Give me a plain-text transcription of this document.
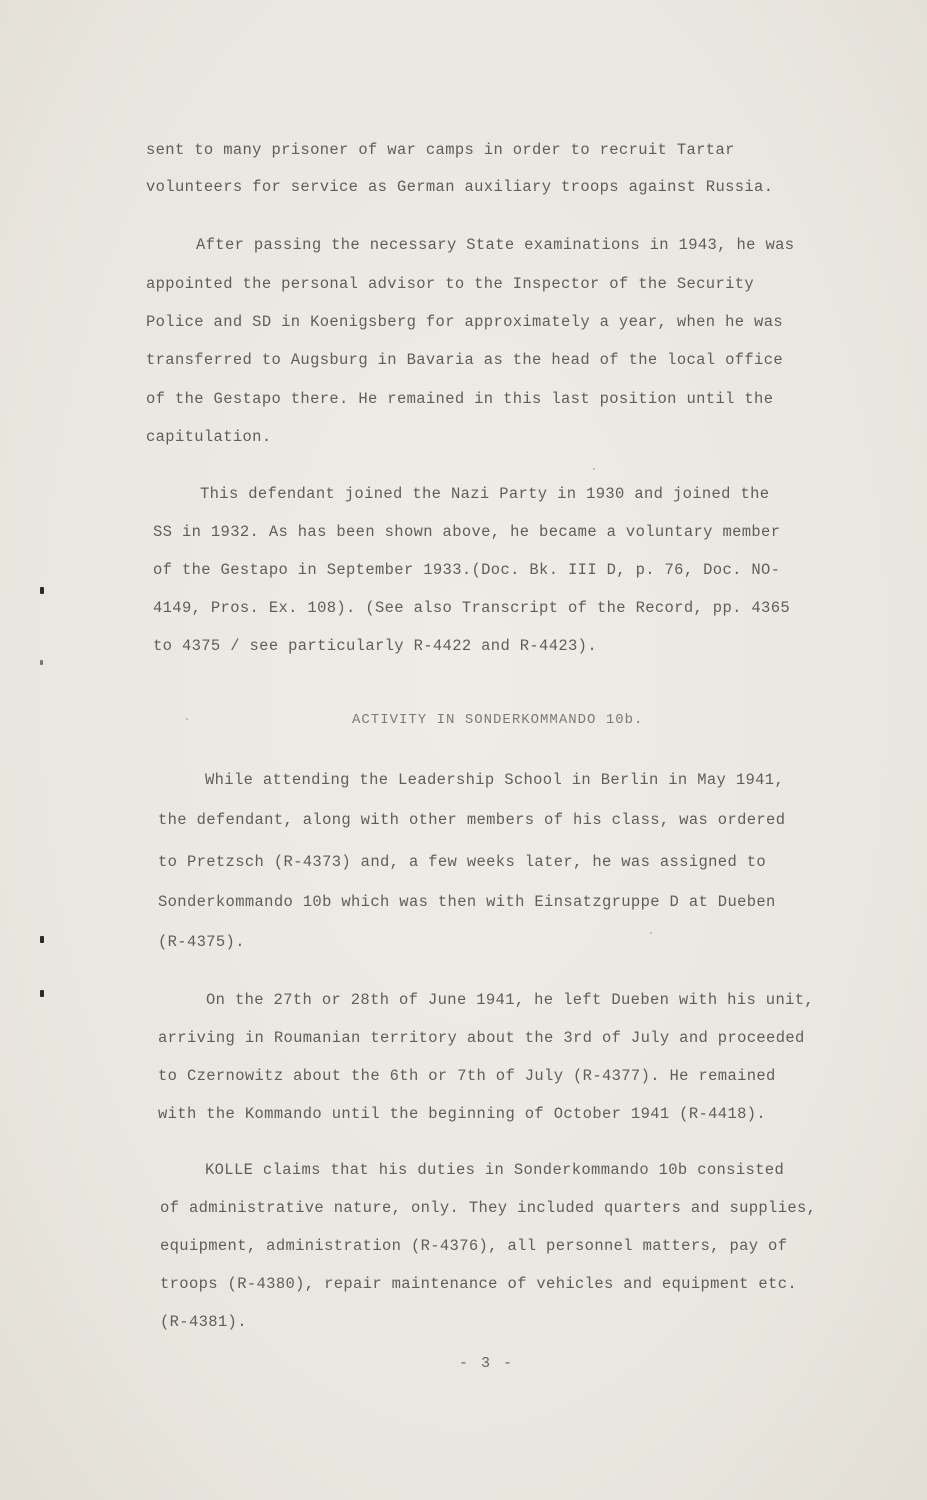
sent to many prisoner of war camps in order to recruit Tartar
volunteers for service as German auxiliary troops against Russia.
After passing the necessary State examinations in 1943, he was
appointed the personal advisor to the Inspector of the Security
Police and SD in Koenigsberg for approximately a year, when he was
transferred to Augsburg in Bavaria as the head of the local office
of the Gestapo there. He remained in this last position until the
capitulation.
This defendant joined the Nazi Party in 1930 and joined the
SS in 1932. As has been shown above, he became a voluntary member
of the Gestapo in September 1933.(Doc. Bk. III D, p. 76, Doc. NO-
4149, Pros. Ex. 108). (See also Transcript of the Record, pp. 4365
to 4375 / see particularly R-4422 and R-4423).
ACTIVITY IN SONDERKOMMANDO 10b.
While attending the Leadership School in Berlin in May 1941,
the defendant, along with other members of his class, was ordered
to Pretzsch (R-4373) and, a few weeks later, he was assigned to
Sonderkommando 10b which was then with Einsatzgruppe D at Dueben
(R-4375).
On the 27th or 28th of June 1941, he left Dueben with his unit,
arriving in Roumanian territory about the 3rd of July and proceeded
to Czernowitz about the 6th or 7th of July (R-4377). He remained
with the Kommando until the beginning of October 1941 (R-4418).
KOLLE claims that his duties in Sonderkommando 10b consisted
of administrative nature, only. They included quarters and supplies,
equipment, administration (R-4376), all personnel matters, pay of
troops (R-4380), repair maintenance of vehicles and equipment etc.
(R-4381).
- 3 -
